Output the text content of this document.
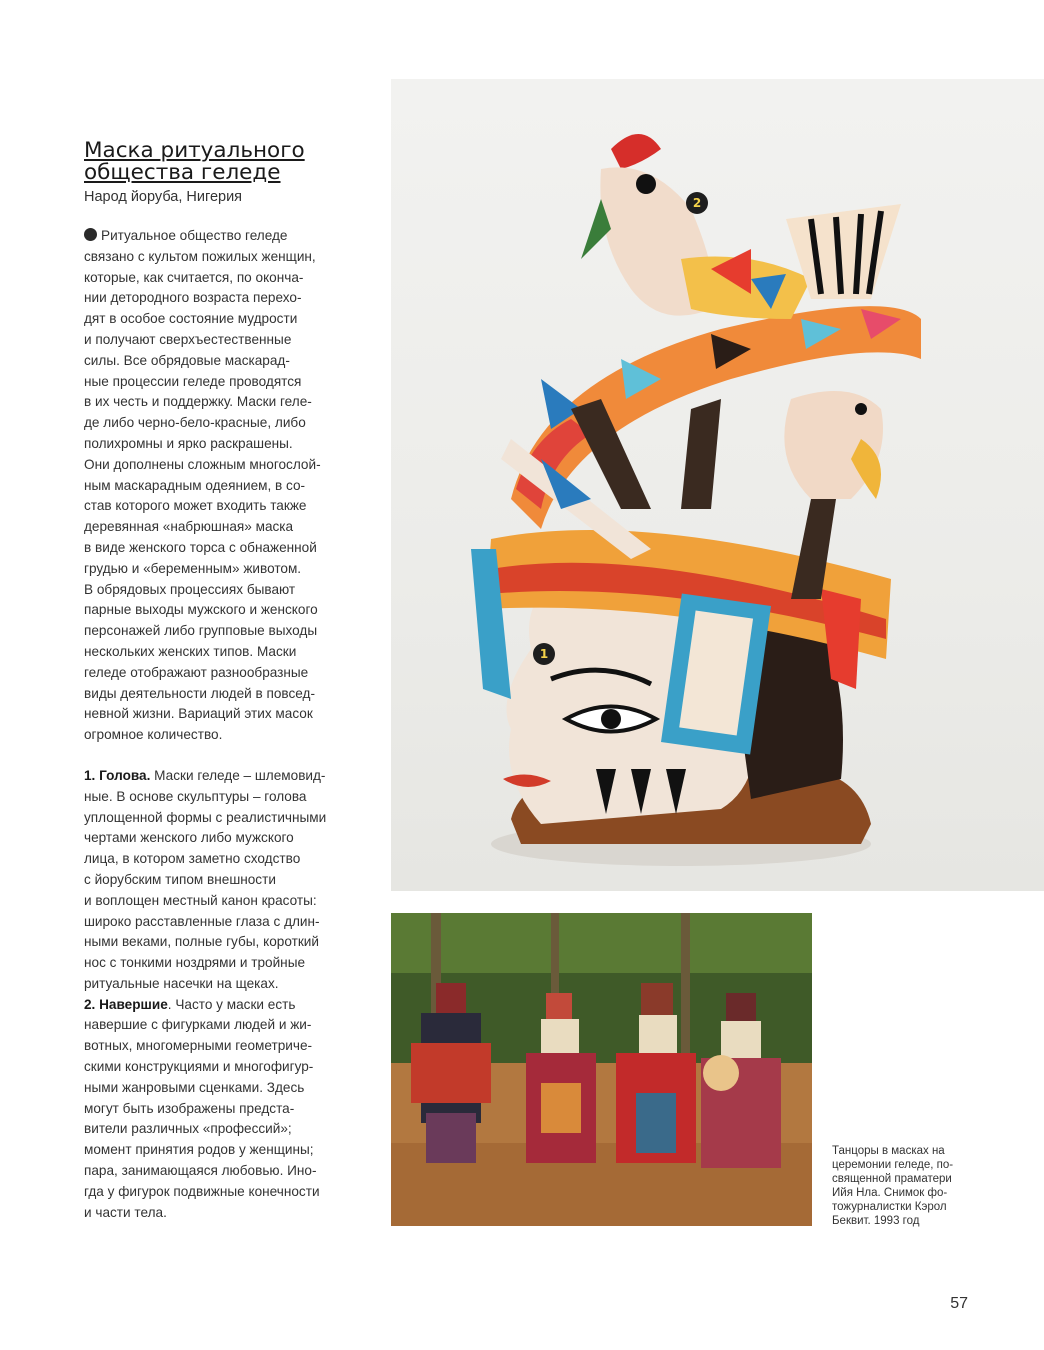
Маска ритуального
общества геледе
Народ йоруба, Нигерия

Ритуальное общество геледе
связано с культом пожилых женщин,
которые, как считается, по оконча-
нии детородного возраста перехо-
дят в особое состояние мудрости
и получают сверхъестественные
силы. Все обрядовые маскарад-
ные процессии геледе проводятся
в их честь и поддержку. Маски геле-
де либо черно-бело-красные, либо
полихромны и ярко раскрашены.
Они дополнены сложным многослой-
ным маскарадным одеянием, в со-
став которого может входить также
деревянная «набрюшная» маска
в виде женского торса с обнаженной
грудью и «беременным» животом.
В обрядовых процессиях бывают
парные выходы мужского и женского
персонажей либо групповые выходы
нескольких женских типов. Маски
геледе отображают разнообразные
виды деятельности людей в повсед-
невной жизни. Вариаций этих масок
огромное количество.

1. Голова. Маски геледе – шлемовид-
ные. В основе скульптуры – голова
уплощенной формы с реалистичными
чертами женского либо мужского
лица, в котором заметно сходство
с йорубским типом внешности
и воплощен местный канон красоты:
широко расставленные глаза с длин-
ными веками, полные губы, короткий
нос с тонкими ноздрями и тройные
ритуальные насечки на щеках.

2. Навершие. Часто у маски есть
навершие с фигурками людей и жи-
вотных, многомерными геометриче-
скими конструкциями и многофигур-
ными жанровыми сценками. Здесь
могут быть изображены предста-
вители различных «профессий»;
момент принятия родов у женщины;
пара, занимающаяся любовью. Ино-
гда у фигурок подвижные конечности
и части тела.

2
1
Танцоры в масках на
церемонии геледе, по-
священной праматери
Ийя Нла. Снимок фо-
тожурналистки Кэрол
Беквит. 1993 год
57
